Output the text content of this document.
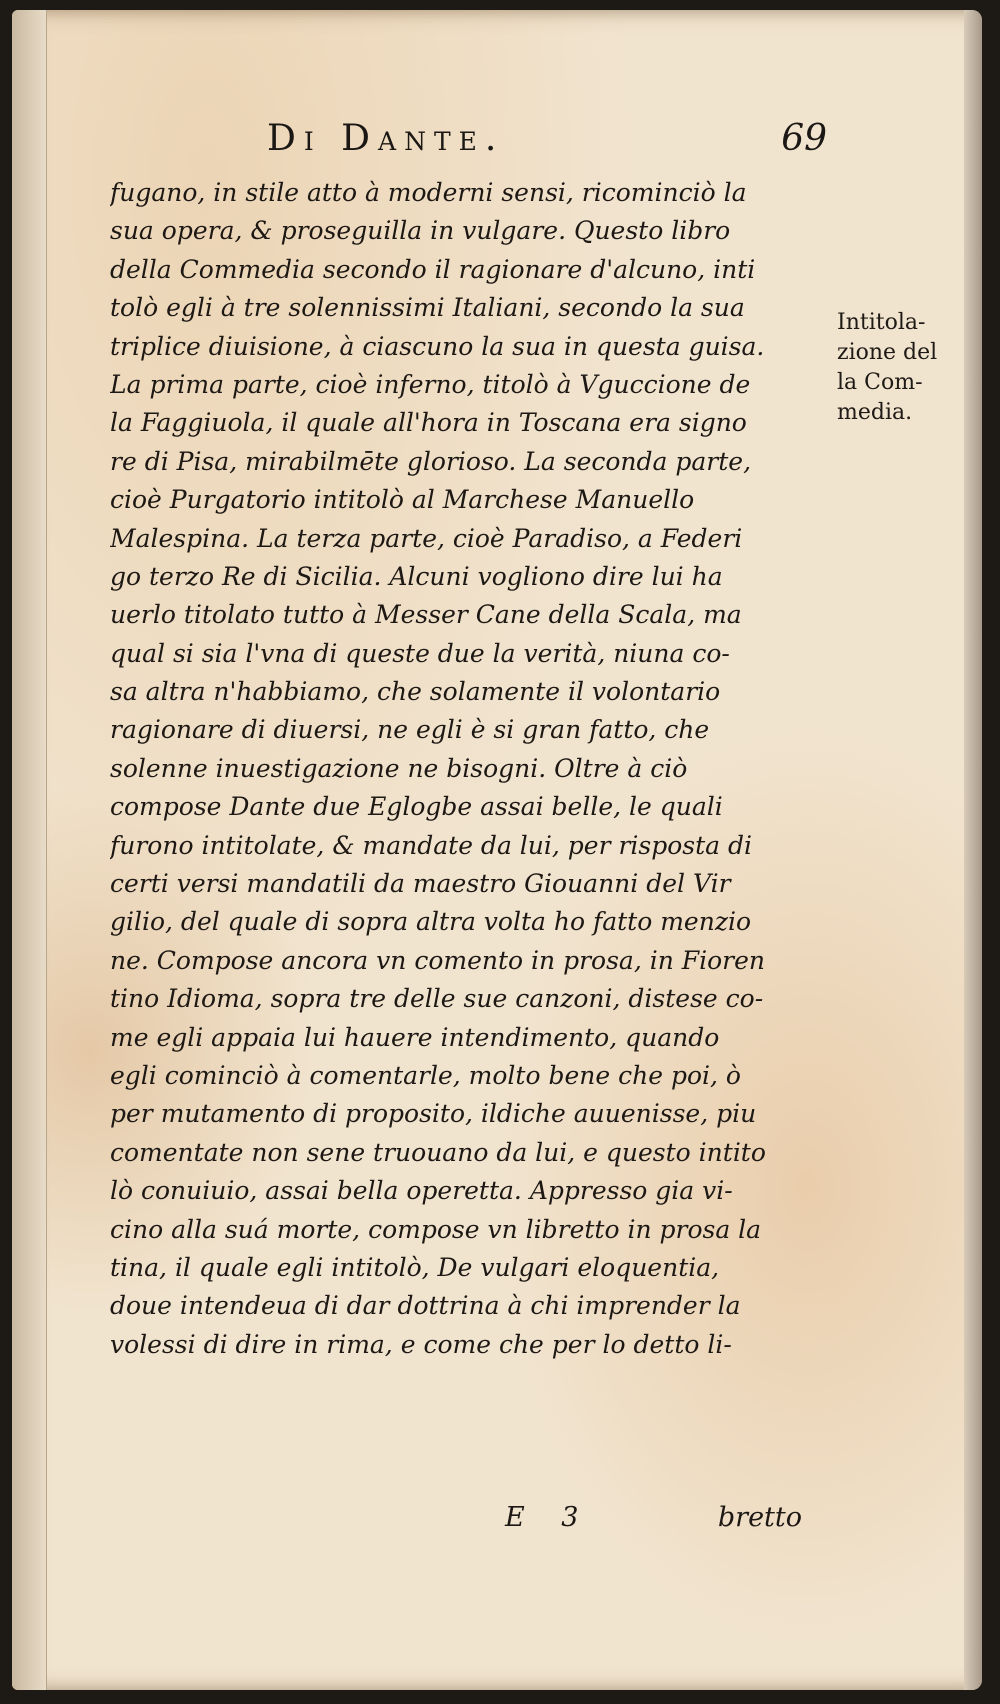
Di Dante.	69
fugano, in stile atto à moderni sensi, ricominciò la
sua opera, & proseguilla in vulgare. Questo libro
della Commedia secondo il ragionare d'alcuno, inti
tolò egli à tre solennissimi Italiani, secondo la sua
triplice diuisione, à ciascuno la sua in questa guisa.
La prima parte, cioè inferno, titolò à Vguccione de
la Faggiuola, il quale all'hora in Toscana era signo
re di Pisa, mirabilmēte glorioso. La seconda parte,
cioè Purgatorio intitolò al Marchese Manuello
Malespina. La terza parte, cioè Paradiso, a Federi
go terzo Re di Sicilia. Alcuni vogliono dire lui ha
uerlo titolato tutto à Messer Cane della Scala, ma
qual si sia l'vna di queste due la verità, niuna co-
sa altra n'habbiamo, che solamente il volontario
ragionare di diuersi, ne egli è si gran fatto, che
solenne inuestigazione ne bisogni. Oltre à ciò
compose Dante due Eglogbe assai belle, le quali
furono intitolate, & mandate da lui, per risposta di
certi versi mandatili da maestro Giouanni del Vir
gilio, del quale di sopra altra volta ho fatto menzio
ne. Compose ancora vn comento in prosa, in Fioren
tino Idioma, sopra tre delle sue canzoni, distese co-
me egli appaia lui hauere intendimento, quando
egli cominciò à comentarle, molto bene che poi, ò
per mutamento di proposito, ildiche auuenisse, piu
comentate non sene truouano da lui, e questo intito
lò conuiuio, assai bella operetta. Appresso gia vi-
cino alla suá morte, compose vn libretto in prosa la
tina, il quale egli intitolò, De vulgari eloquentia,
doue intendeua di dar dottrina à chi imprender la
volessi di dire in rima, e come che per lo detto li-
Intitola-
zione del
la Com-
media.
E 3	bretto
